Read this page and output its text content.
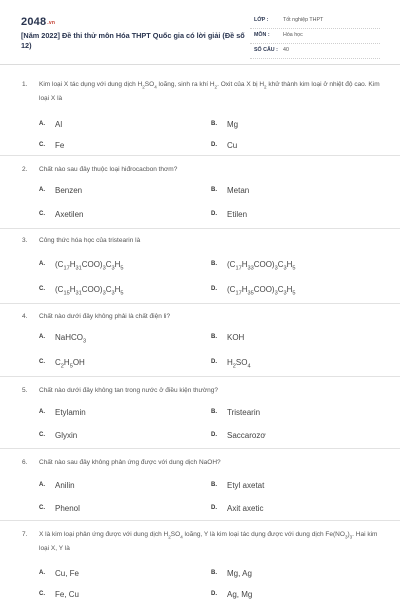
2048.vn
[Năm 2022] Đề thi thử môn Hóa THPT Quốc gia có lời giải (Đề số 12)
LỚP :	Tốt nghiệp THPT
MÔN :	Hóa học
SỐ CÂU : 40
1. Kim loại X tác dụng với dung dịch $H_2SO_4$ loãng, sinh ra khí $H_2$. Oxit của X bị $H_2$ khử thành kim loại ở nhiệt độ cao. Kim loại X là
A. Al	B. Mg
C. Fe	D. Cu
2. Chất nào sau đây thuộc loại hiđrocacbon thơm?
A. Benzen	B. Metan
C. Axetilen	D. Etilen
3. Công thức hóa học của tristearin là
A. $(C_{17}H_{31}COO)_3C_3H_5$
B. $(C_{17}H_{33}COO)_3C_3H_5$
C. $(C_{15}H_{31}COO)_3C_3H_5$
D. $(C_{17}H_{35}COO)_3C_3H_5$
4. Chất nào dưới đây không phải là chất điện li?
A. NaHCO$_3$
B. KOH
C. $C_2H_5OH$	D. $H_2SO_4$
5. Chất nào dưới đây không tan trong nước ở điều kiện thường?
A. Etylamin	B. Tristearin
C. Glyxin	D. Saccarozơ
6. Chất nào sau đây không phản ứng được với dung dịch NaOH?
A. Anilin	B. Etyl axetat
C. Phenol	D. Axit axetic
7. X là kim loại phản ứng được với dung dịch $H_2SO_4$ loãng, Y là kim loại tác dụng được với dung dịch $Fe(NO_3)_3$. Hai kim loại X, Y là
A. Cu, Fe	B. Mg, Ag
C. Fe, Cu	D. Ag, Mg
